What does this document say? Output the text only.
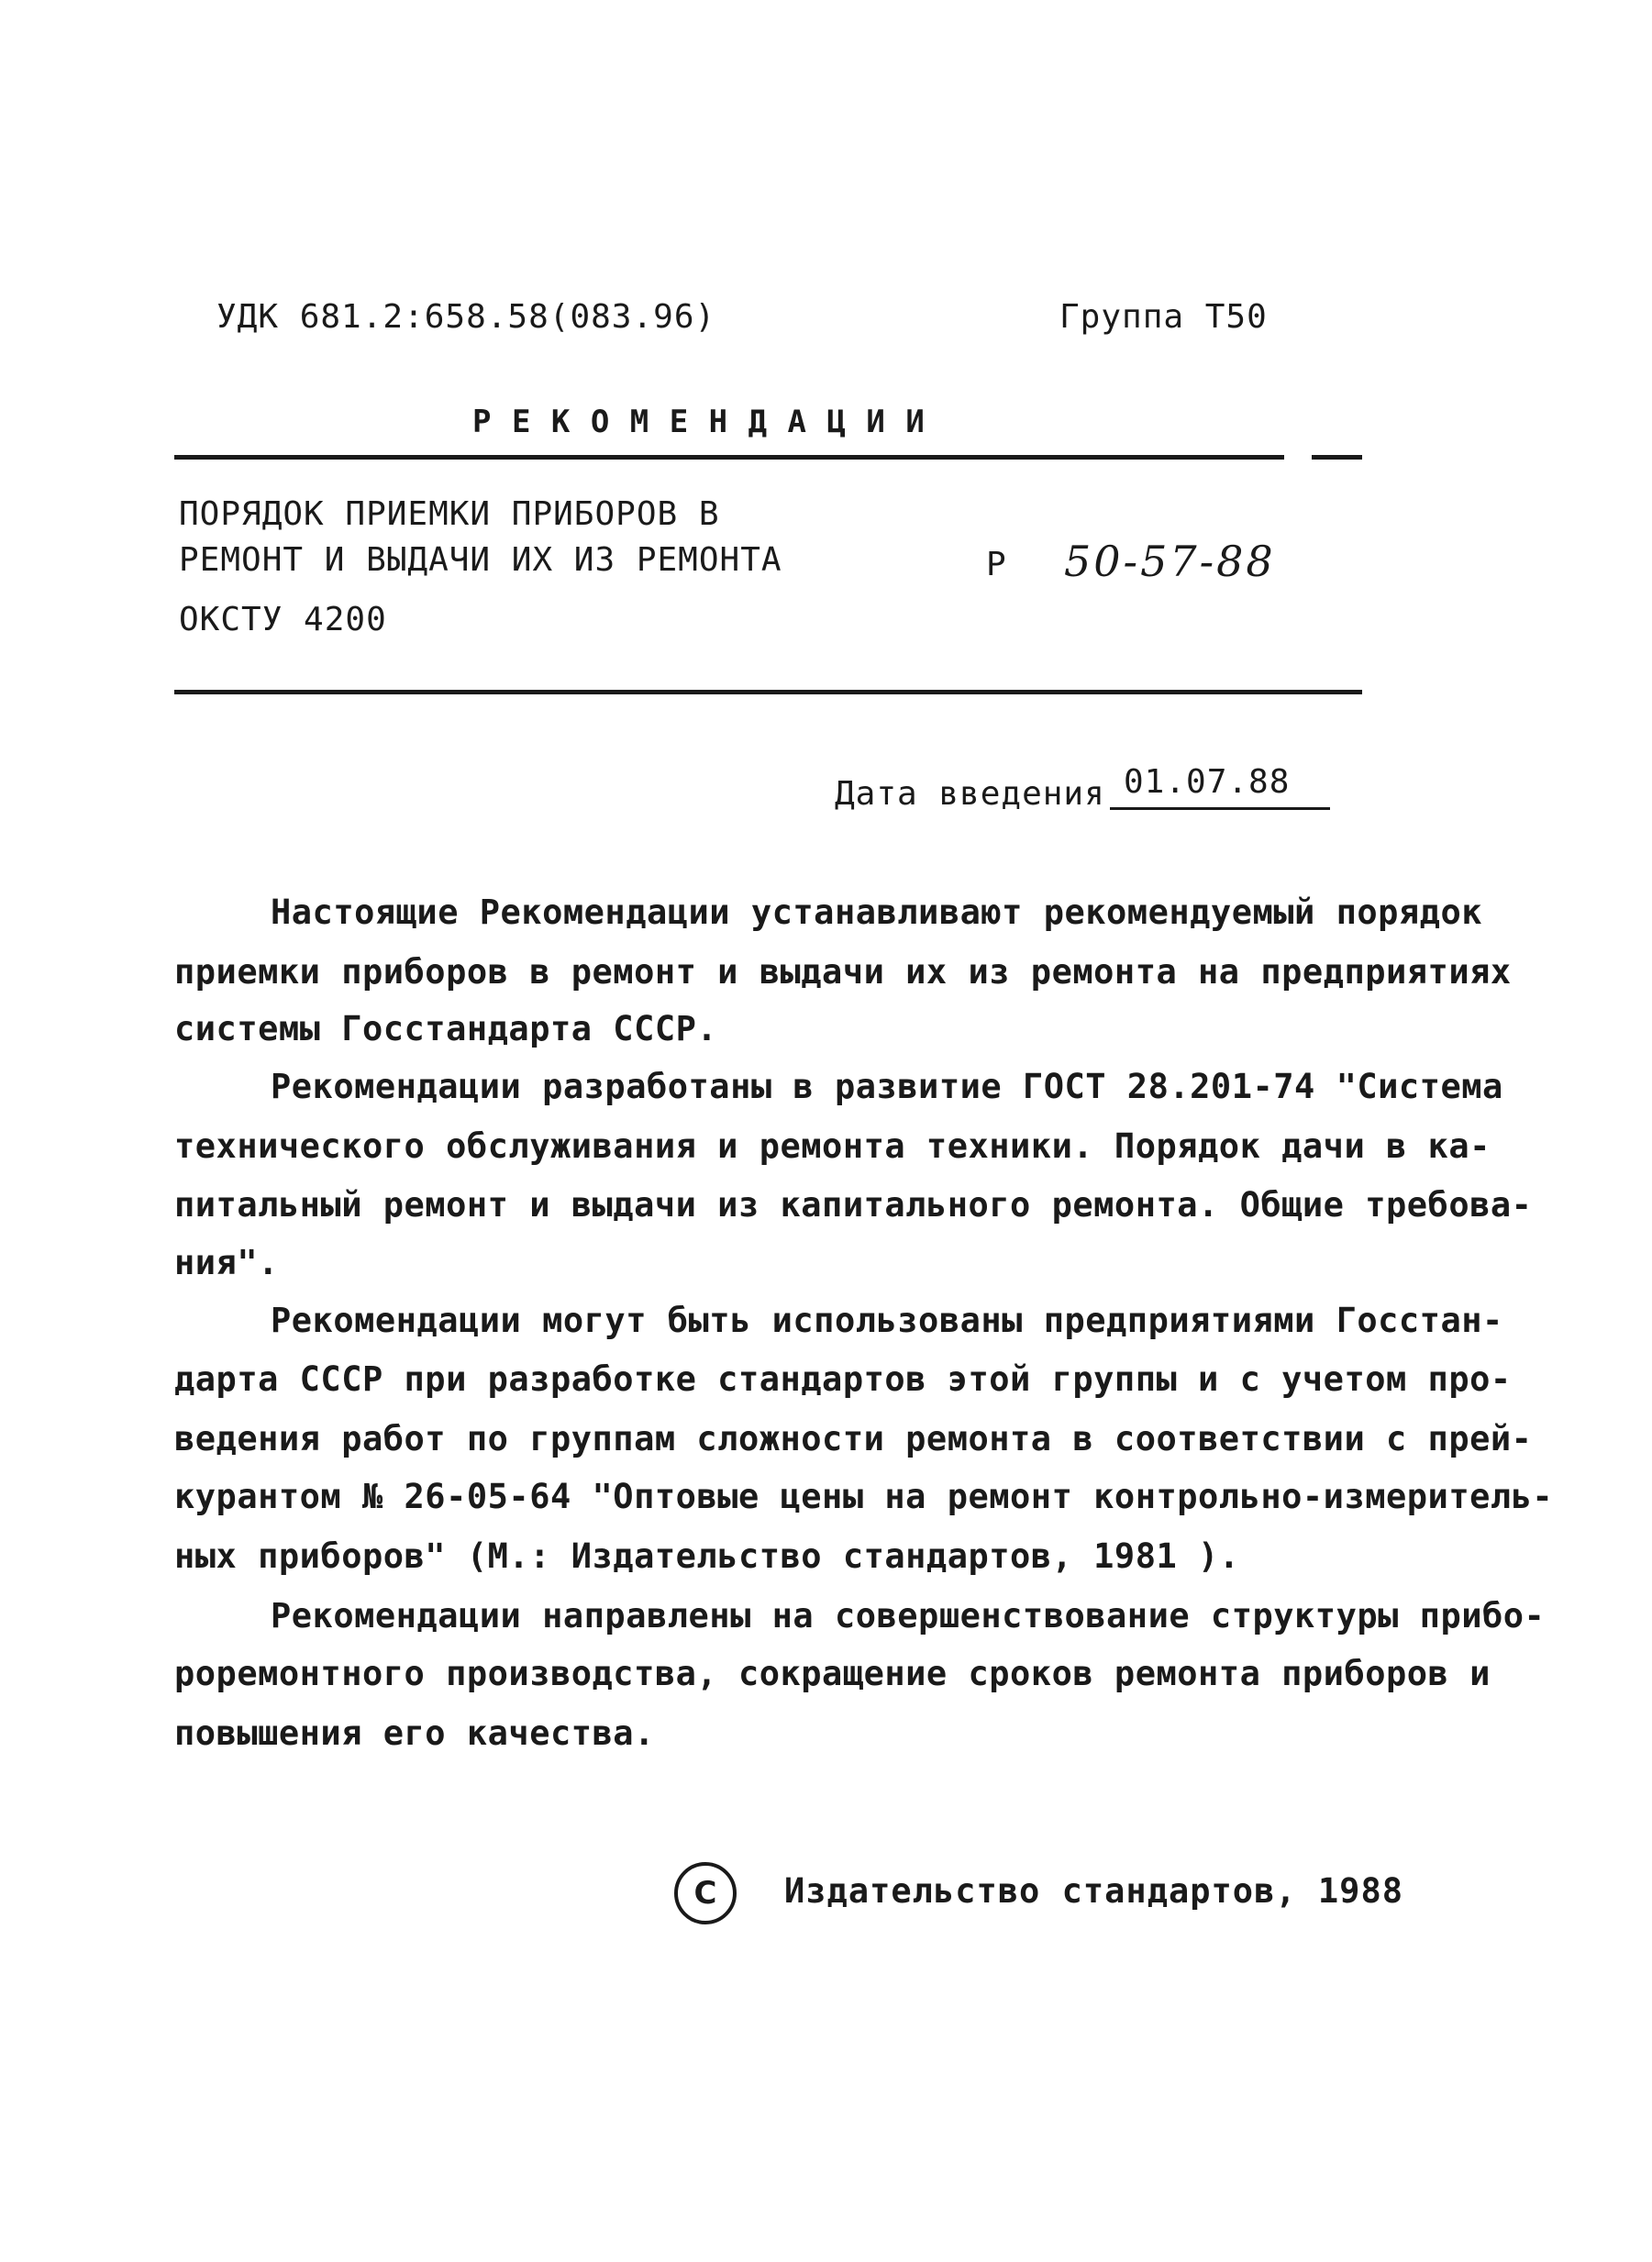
УДК 681.2:658.58(083.96)	Группа Т50
Р Е К О М Е Н Д А Ц И И
ПОРЯДОК ПРИЕМКИ ПРИБОРОВ В
РЕМОНТ И ВЫДАЧИ ИХ ИЗ РЕМОНТА
ОКСТУ 4200
Р 50-57-88
Дата введения 01.07.88
Настоящие Рекомендации устанавливают рекомендуемый порядок
приемки приборов в ремонт и выдачи их из ремонта на предприятиях
системы Госстандарта СССР.
Рекомендации разработаны в развитие ГОСТ 28.201-74 "Система
технического обслуживания и ремонта техники. Порядок дачи в ка-
питальный ремонт и выдачи из капитального ремонта. Общие требова-
ния".
Рекомендации могут быть использованы предприятиями Госстан-
дарта СССР при разработке стандартов этой группы и с учетом про-
ведения работ по группам сложности ремонта в соответствии с прей-
курантом № 26-05-64 "Оптовые цены на ремонт контрольно-измеритель-
ных приборов" (М.: Издательство стандартов, 1981 ).
Рекомендации направлены на совершенствование структуры прибо-
роремонтного производства, сокращение сроков ремонта приборов и
повышения его качества.
C	Издательство стандартов, 1988
